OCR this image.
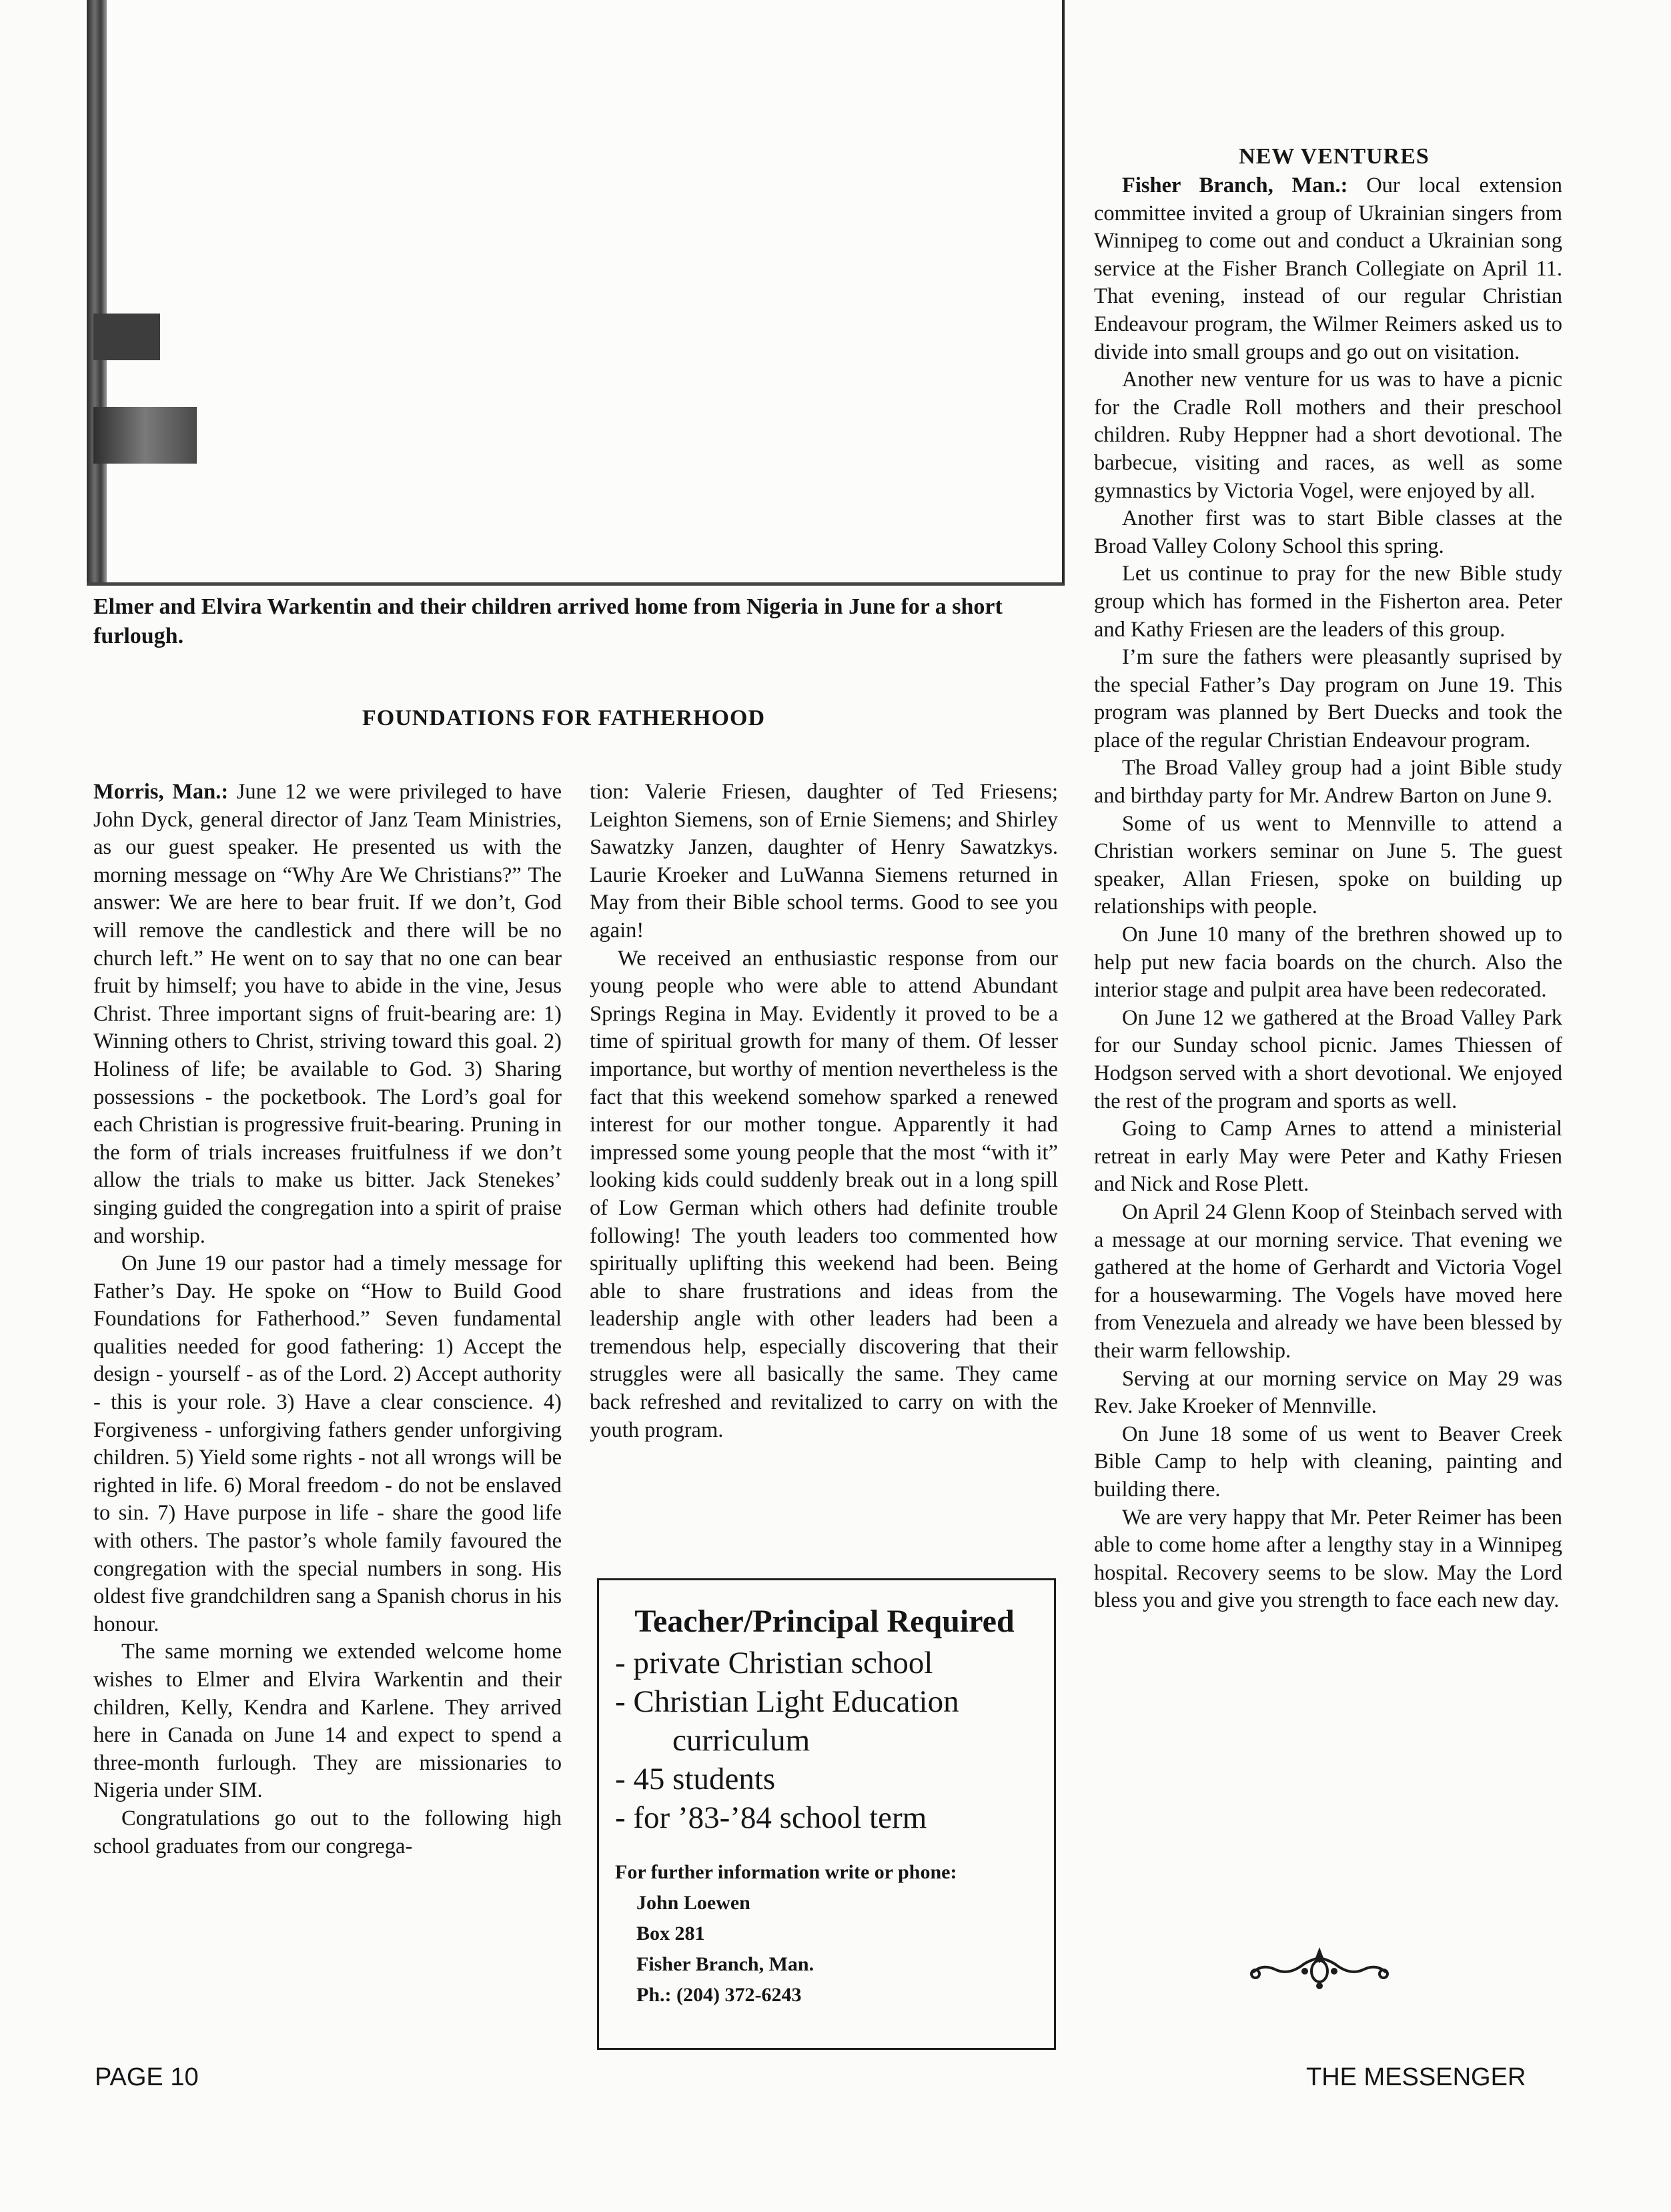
Elmer and Elvira Warkentin and their children arrived home from Nigeria in June for a short furlough.
FOUNDATIONS FOR FATHERHOOD

Morris, Man.: June 12 we were privileged to have John Dyck, general director of Janz Team Ministries, as our guest speaker. He presented us with the morning message on “Why Are We Christians?” The answer: We are here to bear fruit. If we don’t, God will remove the candlestick and there will be no church left.” He went on to say that no one can bear fruit by himself; you have to abide in the vine, Jesus Christ. Three important signs of fruit-bearing are: 1) Winning others to Christ, striving toward this goal. 2) Holiness of life; be available to God. 3) Sharing possessions - the pocketbook. The Lord’s goal for each Christian is progressive fruit-bearing. Pruning in the form of trials increases fruitfulness if we don’t allow the trials to make us bitter. Jack Stenekes’ singing guided the congregation into a spirit of praise and worship.

On June 19 our pastor had a timely message for Father’s Day. He spoke on “How to Build Good Foundations for Fatherhood.” Seven fundamental qualities needed for good fathering: 1) Accept the design - yourself - as of the Lord. 2) Accept authority - this is your role. 3) Have a clear conscience. 4) Forgiveness - unforgiving fathers gender unforgiving children. 5) Yield some rights - not all wrongs will be righted in life. 6) Moral freedom - do not be enslaved to sin. 7) Have purpose in life - share the good life with others. The pastor’s whole family favoured the congregation with the special numbers in song. His oldest five grandchildren sang a Spanish chorus in his honour.

The same morning we extended welcome home wishes to Elmer and Elvira Warkentin and their children, Kelly, Kendra and Karlene. They arrived here in Canada on June 14 and expect to spend a three-month furlough. They are missionaries to Nigeria under SIM.

Congratulations go out to the following high school graduates from our congrega-

tion: Valerie Friesen, daughter of Ted Friesens; Leighton Siemens, son of Ernie Siemens; and Shirley Sawatzky Janzen, daughter of Henry Sawatzkys. Laurie Kroeker and LuWanna Siemens returned in May from their Bible school terms. Good to see you again!

We received an enthusiastic response from our young people who were able to attend Abundant Springs Regina in May. Evidently it proved to be a time of spiritual growth for many of them. Of lesser importance, but worthy of mention nevertheless is the fact that this weekend somehow sparked a renewed interest for our mother tongue. Apparently it had impressed some young people that the most “with it” looking kids could suddenly break out in a long spill of Low German which others had definite trouble following! The youth leaders too commented how spiritually uplifting this weekend had been. Being able to share frustrations and ideas from the leadership angle with other leaders had been a tremendous help, especially discovering that their struggles were all basically the same. They came back refreshed and revitalized to carry on with the youth program.

Teacher/Principal Required
- private Christian school
- Christian Light Education
curriculum
- 45 students
- for ’83-’84 school term
For further information write or phone:
John Loewen
Box 281
Fisher Branch, Man.
Ph.: (204) 372-6243
NEW VENTURES

Fisher Branch, Man.: Our local extension committee invited a group of Ukrainian singers from Winnipeg to come out and conduct a Ukrainian song service at the Fisher Branch Collegiate on April 11. That evening, instead of our regular Christian Endeavour program, the Wilmer Reimers asked us to divide into small groups and go out on visitation.

Another new venture for us was to have a picnic for the Cradle Roll mothers and their preschool children. Ruby Heppner had a short devotional. The barbecue, visiting and races, as well as some gymnastics by Victoria Vogel, were enjoyed by all.

Another first was to start Bible classes at the Broad Valley Colony School this spring.

Let us continue to pray for the new Bible study group which has formed in the Fisherton area. Peter and Kathy Friesen are the leaders of this group.

I’m sure the fathers were pleasantly suprised by the special Father’s Day program on June 19. This program was planned by Bert Duecks and took the place of the regular Christian Endeavour program.

The Broad Valley group had a joint Bible study and birthday party for Mr. Andrew Barton on June 9.

Some of us went to Mennville to attend a Christian workers seminar on June 5. The guest speaker, Allan Friesen, spoke on building up relationships with people.

On June 10 many of the brethren showed up to help put new facia boards on the church. Also the interior stage and pulpit area have been redecorated.

On June 12 we gathered at the Broad Valley Park for our Sunday school picnic. James Thiessen of Hodgson served with a short devotional. We enjoyed the rest of the program and sports as well.

Going to Camp Arnes to attend a ministerial retreat in early May were Peter and Kathy Friesen and Nick and Rose Plett.

On April 24 Glenn Koop of Steinbach served with a message at our morning service. That evening we gathered at the home of Gerhardt and Victoria Vogel for a housewarming. The Vogels have moved here from Venezuela and already we have been blessed by their warm fellowship.

Serving at our morning service on May 29 was Rev. Jake Kroeker of Mennville.

On June 18 some of us went to Beaver Creek Bible Camp to help with cleaning, painting and building there.

We are very happy that Mr. Peter Reimer has been able to come home after a lengthy stay in a Winnipeg hospital. Recovery seems to be slow. May the Lord bless you and give you strength to face each new day.

PAGE 10	THE MESSENGER
